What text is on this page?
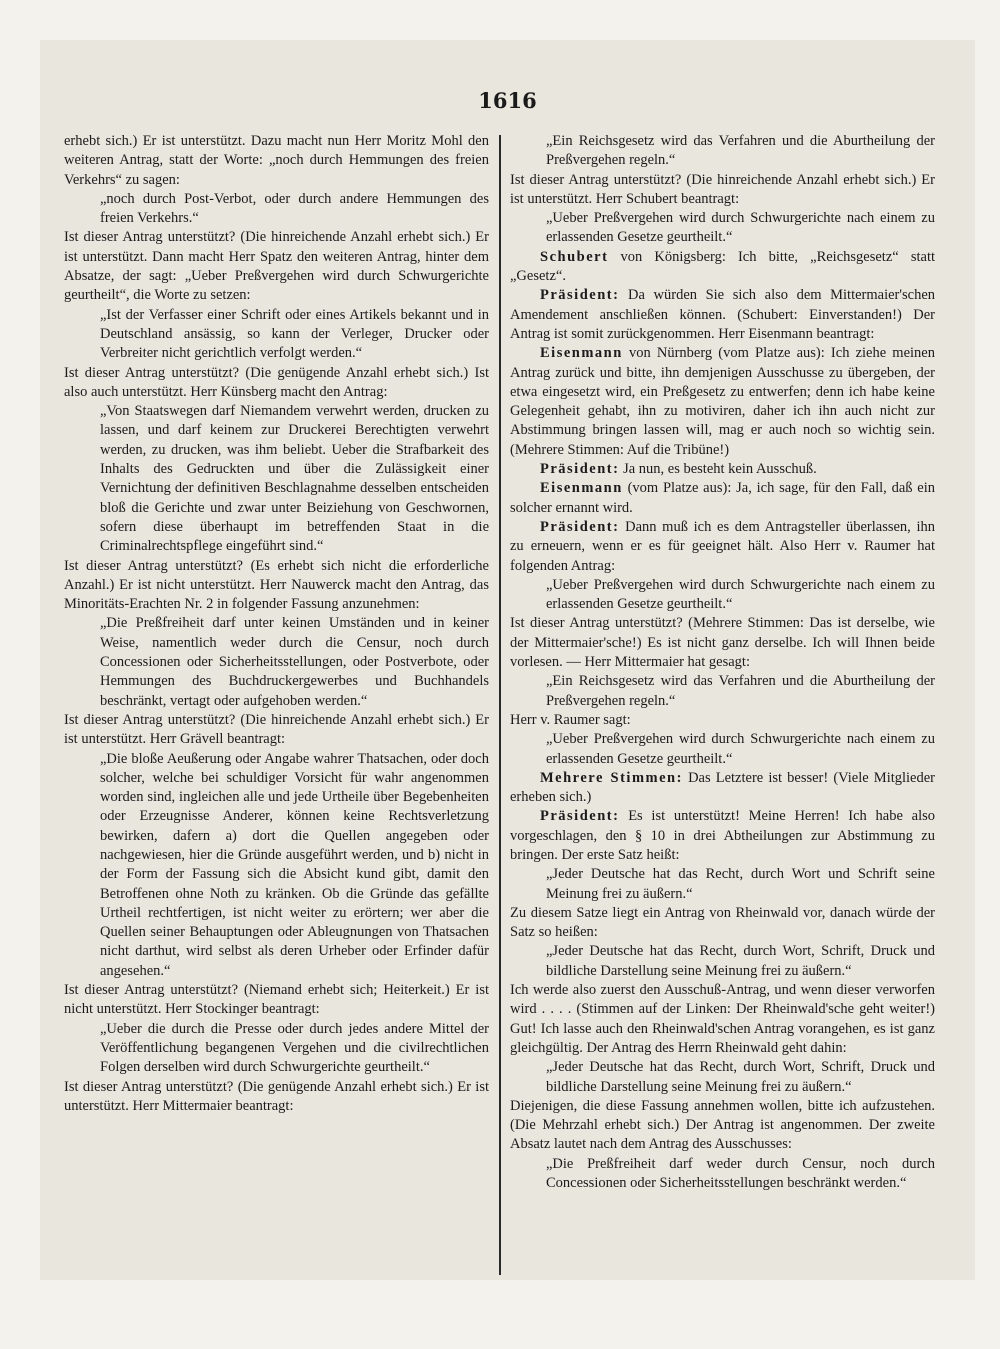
1616

erhebt sich.) Er ist unterstützt. Dazu macht nun Herr Moritz Mohl den weiteren Antrag, statt der Worte: „noch durch Hemmungen des freien Verkehrs“ zu sagen:

„noch durch Post-Verbot, oder durch andere Hemmungen des freien Verkehrs.“

Ist dieser Antrag unterstützt? (Die hinreichende Anzahl erhebt sich.) Er ist unterstützt. Dann macht Herr Spatz den weiteren Antrag, hinter dem Absatze, der sagt: „Ueber Preßvergehen wird durch Schwurgerichte geurtheilt“, die Worte zu setzen:

„Ist der Verfasser einer Schrift oder eines Artikels bekannt und in Deutschland ansässig, so kann der Verleger, Drucker oder Verbreiter nicht gerichtlich verfolgt werden.“

Ist dieser Antrag unterstützt? (Die genügende Anzahl erhebt sich.) Ist also auch unterstützt. Herr Künsberg macht den Antrag:

„Von Staatswegen darf Niemandem verwehrt werden, drucken zu lassen, und darf keinem zur Druckerei Berechtigten verwehrt werden, zu drucken, was ihm beliebt. Ueber die Strafbarkeit des Inhalts des Gedruckten und über die Zulässigkeit einer Vernichtung der definitiven Beschlagnahme desselben entscheiden bloß die Gerichte und zwar unter Beiziehung von Geschwornen, sofern diese überhaupt im betreffenden Staat in die Criminalrechtspflege eingeführt sind.“

Ist dieser Antrag unterstützt? (Es erhebt sich nicht die erforderliche Anzahl.) Er ist nicht unterstützt. Herr Nauwerck macht den Antrag, das Minoritäts-Erachten Nr. 2 in folgender Fassung anzunehmen:

„Die Preßfreiheit darf unter keinen Umständen und in keiner Weise, namentlich weder durch die Censur, noch durch Concessionen oder Sicherheitsstellungen, oder Postverbote, oder Hemmungen des Buchdruckergewerbes und Buchhandels beschränkt, vertagt oder aufgehoben werden.“

Ist dieser Antrag unterstützt? (Die hinreichende Anzahl erhebt sich.) Er ist unterstützt. Herr Grävell beantragt:

„Die bloße Aeußerung oder Angabe wahrer Thatsachen, oder doch solcher, welche bei schuldiger Vorsicht für wahr angenommen worden sind, ingleichen alle und jede Urtheile über Begebenheiten oder Erzeugnisse Anderer, können keine Rechtsverletzung bewirken, dafern a) dort die Quellen angegeben oder nachgewiesen, hier die Gründe ausgeführt werden, und b) nicht in der Form der Fassung sich die Absicht kund gibt, damit den Betroffenen ohne Noth zu kränken. Ob die Gründe das gefällte Urtheil rechtfertigen, ist nicht weiter zu erörtern; wer aber die Quellen seiner Behauptungen oder Ableugnungen von Thatsachen nicht darthut, wird selbst als deren Urheber oder Erfinder dafür angesehen.“

Ist dieser Antrag unterstützt? (Niemand erhebt sich; Heiterkeit.) Er ist nicht unterstützt. Herr Stockinger beantragt:

„Ueber die durch die Presse oder durch jedes andere Mittel der Veröffentlichung begangenen Vergehen und die civilrechtlichen Folgen derselben wird durch Schwurgerichte geurtheilt.“

Ist dieser Antrag unterstützt? (Die genügende Anzahl erhebt sich.) Er ist unterstützt. Herr Mittermaier beantragt:

„Ein Reichsgesetz wird das Verfahren und die Aburtheilung der Preßvergehen regeln.“

Ist dieser Antrag unterstützt? (Die hinreichende Anzahl erhebt sich.) Er ist unterstützt. Herr Schubert beantragt:

„Ueber Preßvergehen wird durch Schwurgerichte nach einem zu erlassenden Gesetze geurtheilt.“

Schubert von Königsberg: Ich bitte, „Reichsgesetz“ statt „Gesetz“.

Präsident: Da würden Sie sich also dem Mittermaier'schen Amendement anschließen können. (Schubert: Einverstanden!) Der Antrag ist somit zurückgenommen. Herr Eisenmann beantragt:

Eisenmann von Nürnberg (vom Platze aus): Ich ziehe meinen Antrag zurück und bitte, ihn demjenigen Ausschusse zu übergeben, der etwa eingesetzt wird, ein Preßgesetz zu entwerfen; denn ich habe keine Gelegenheit gehabt, ihn zu motiviren, daher ich ihn auch nicht zur Abstimmung bringen lassen will, mag er auch noch so wichtig sein. (Mehrere Stimmen: Auf die Tribüne!)

Präsident: Ja nun, es besteht kein Ausschuß.

Eisenmann (vom Platze aus): Ja, ich sage, für den Fall, daß ein solcher ernannt wird.

Präsident: Dann muß ich es dem Antragsteller überlassen, ihn zu erneuern, wenn er es für geeignet hält. Also Herr v. Raumer hat folgenden Antrag:

„Ueber Preßvergehen wird durch Schwurgerichte nach einem zu erlassenden Gesetze geurtheilt.“

Ist dieser Antrag unterstützt? (Mehrere Stimmen: Das ist derselbe, wie der Mittermaier'sche!) Es ist nicht ganz derselbe. Ich will Ihnen beide vorlesen. — Herr Mittermaier hat gesagt:

„Ein Reichsgesetz wird das Verfahren und die Aburtheilung der Preßvergehen regeln.“

Herr v. Raumer sagt:

„Ueber Preßvergehen wird durch Schwurgerichte nach einem zu erlassenden Gesetze geurtheilt.“

Mehrere Stimmen: Das Letztere ist besser! (Viele Mitglieder erheben sich.)

Präsident: Es ist unterstützt! Meine Herren! Ich habe also vorgeschlagen, den § 10 in drei Abtheilungen zur Abstimmung zu bringen. Der erste Satz heißt:

„Jeder Deutsche hat das Recht, durch Wort und Schrift seine Meinung frei zu äußern.“

Zu diesem Satze liegt ein Antrag von Rheinwald vor, danach würde der Satz so heißen:

„Jeder Deutsche hat das Recht, durch Wort, Schrift, Druck und bildliche Darstellung seine Meinung frei zu äußern.“

Ich werde also zuerst den Ausschuß-Antrag, und wenn dieser verworfen wird . . . . (Stimmen auf der Linken: Der Rheinwald'sche geht weiter!) Gut! Ich lasse auch den Rheinwald'schen Antrag vorangehen, es ist ganz gleichgültig. Der Antrag des Herrn Rheinwald geht dahin:

„Jeder Deutsche hat das Recht, durch Wort, Schrift, Druck und bildliche Darstellung seine Meinung frei zu äußern.“

Diejenigen, die diese Fassung annehmen wollen, bitte ich aufzustehen. (Die Mehrzahl erhebt sich.) Der Antrag ist angenommen. Der zweite Absatz lautet nach dem Antrag des Ausschusses:

„Die Preßfreiheit darf weder durch Censur, noch durch Concessionen oder Sicherheitsstellungen beschränkt werden.“
